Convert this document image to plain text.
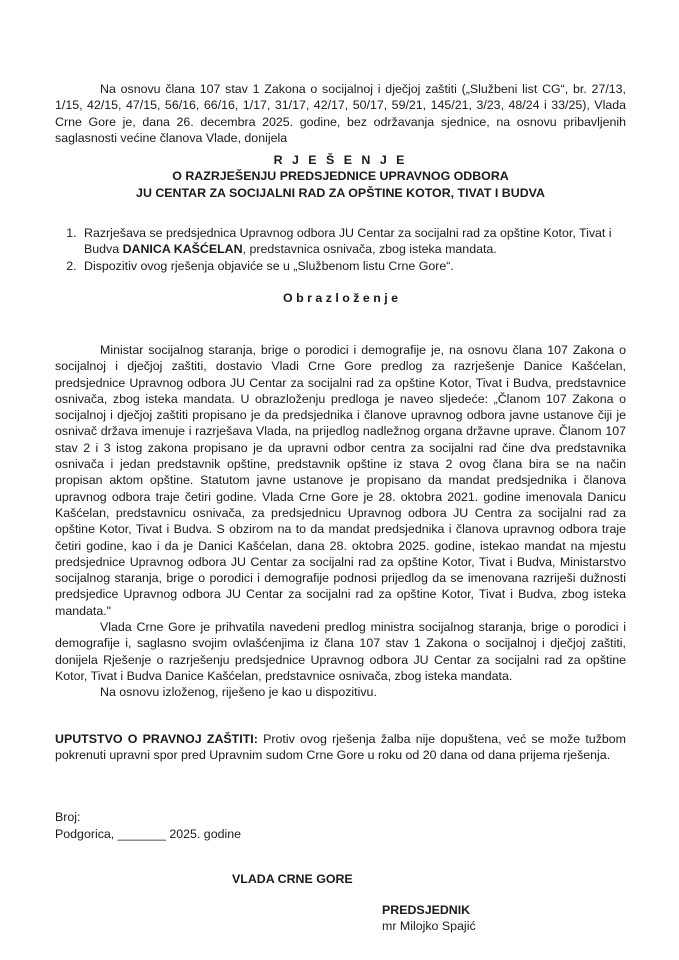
Na osnovu člana 107 stav 1 Zakona o socijalnoj i dječjoj zaštiti („Službeni list CG“, br. 27/13, 1/15, 42/15, 47/15, 56/16, 66/16, 1/17, 31/17, 42/17, 50/17, 59/21, 145/21, 3/23, 48/24 i 33/25), Vlada Crne Gore je, dana 26. decembra 2025. godine, bez održavanja sjednice, na osnovu pribavljenih saglasnosti većine članova Vlade, donijela

R J E Š E N J E
O RAZRJEŠENJU PREDSJEDNICE UPRAVNOG ODBORA
JU CENTAR ZA SOCIJALNI RAD ZA OPŠTINE KOTOR, TIVAT I BUDVA
1. Razrješava se predsjednica Upravnog odbora JU Centar za socijalni rad za opštine Kotor, Tivat i Budva DANICA KAŠĆELAN, predstavnica osnivača, zbog isteka mandata.
2. Dispozitiv ovog rješenja objaviće se u „Službenom listu Crne Gore“.
O b r a z l o ž e n j e

Ministar socijalnog staranja, brige o porodici i demografije je, na osnovu člana 107 Zakona o socijalnoj i dječjoj zaštiti, dostavio Vladi Crne Gore predlog za razrješenje Danice Kašćelan, predsjednice Upravnog odbora JU Centar za socijalni rad za opštine Kotor, Tivat i Budva, predstavnice osnivača, zbog isteka mandata. U obrazloženju predloga je naveo sljedeće: „Članom 107 Zakona o socijalnoj i dječjoj zaštiti propisano je da predsjednika i članove upravnog odbora javne ustanove čiji je osnivač država imenuje i razrješava Vlada, na prijedlog nadležnog organa državne uprave. Članom 107 stav 2 i 3 istog zakona propisano je da upravni odbor centra za socijalni rad čine dva predstavnika osnivača i jedan predstavnik opštine, predstavnik opštine iz stava 2 ovog člana bira se na način propisan aktom opštine. Statutom javne ustanove je propisano da mandat predsjednika i članova upravnog odbora traje četiri godine. Vlada Crne Gore je 28. oktobra 2021. godine imenovala Danicu Kašćelan, predstavnicu osnivača, za predsjednicu Upravnog odbora JU Centra za socijalni rad za opštine Kotor, Tivat i Budva. S obzirom na to da mandat predsjednika i članova upravnog odbora traje četiri godine, kao i da je Danici Kašćelan, dana 28. oktobra 2025. godine, istekao mandat na mjestu predsjednice Upravnog odbora JU Centar za socijalni rad za opštine Kotor, Tivat i Budva, Ministarstvo socijalnog staranja, brige o porodici i demografije podnosi prijedlog da se imenovana razriješi dužnosti predsjedice Upravnog odbora JU Centar za socijalni rad za opštine Kotor, Tivat i Budva, zbog isteka mandata."

Vlada Crne Gore je prihvatila navedeni predlog ministra socijalnog staranja, brige o porodici i demografije i, saglasno svojim ovlašćenjima iz člana 107 stav 1 Zakona o socijalnoj i dječjoj zaštiti, donijela Rješenje o razrješenju predsjednice Upravnog odbora JU Centar za socijalni rad za opštine Kotor, Tivat i Budva Danice Kašćelan, predstavnice osnivača, zbog isteka mandata.

Na osnovu izloženog, riješeno je kao u dispozitivu.

UPUTSTVO O PRAVNOJ ZAŠTITI: Protiv ovog rješenja žalba nije dopuštena, već se može tužbom pokrenuti upravni spor pred Upravnim sudom Crne Gore u roku od 20 dana od dana prijema rješenja.

Broj:
Podgorica, _______ 2025. godine
VLADA CRNE GORE
PREDSJEDNIK
mr Milojko Spajić
